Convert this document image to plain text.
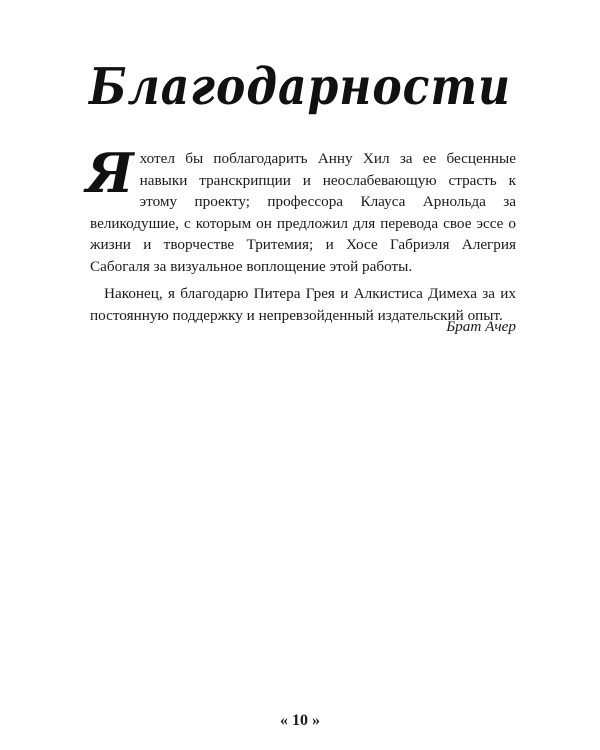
Благодарности

Яхотел бы поблагодарить Анну Хил за ее бесценные навыки транскрипции и неослабевающую страсть к этому проекту; профессора Клауса Арнольда за великодушие, с которым он предложил для перевода свое эссе о жизни и творчестве Тритемия; и Хосе Габриэля Алегрия Сабогаля за визуальное воплощение этой работы.

Наконец, я благодарю Питера Грея и Алкистиса Димеха за их постоянную поддержку и непревзойденный издательский опыт.

Брат Ачер

« 10 »
